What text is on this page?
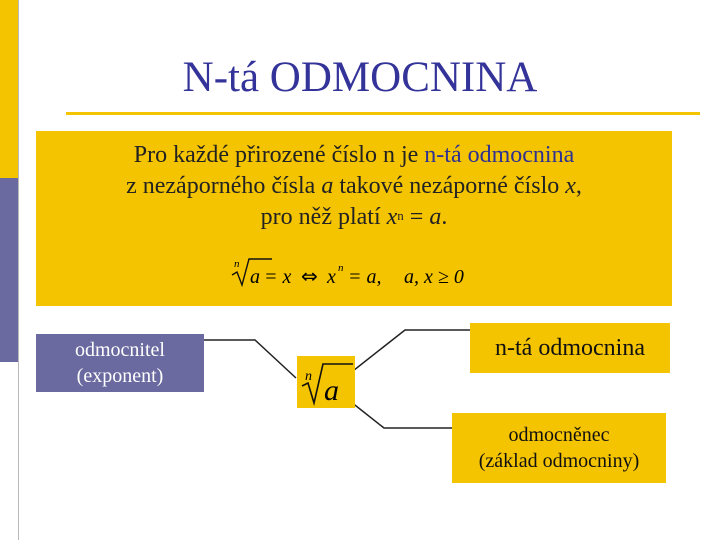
N-tá ODMOCNINA
Pro každé přirozené číslo n je n-tá odmocnina
z nezáporného čísla a takové nezáporné číslo x,
pro něž platí $x^n = a$.
n
a = x ⇔ x n = a, a, x ≥ 0
odmocnitel
(exponent)	n a
n-tá odmocnina
odmocněnec
(základ odmocniny)
